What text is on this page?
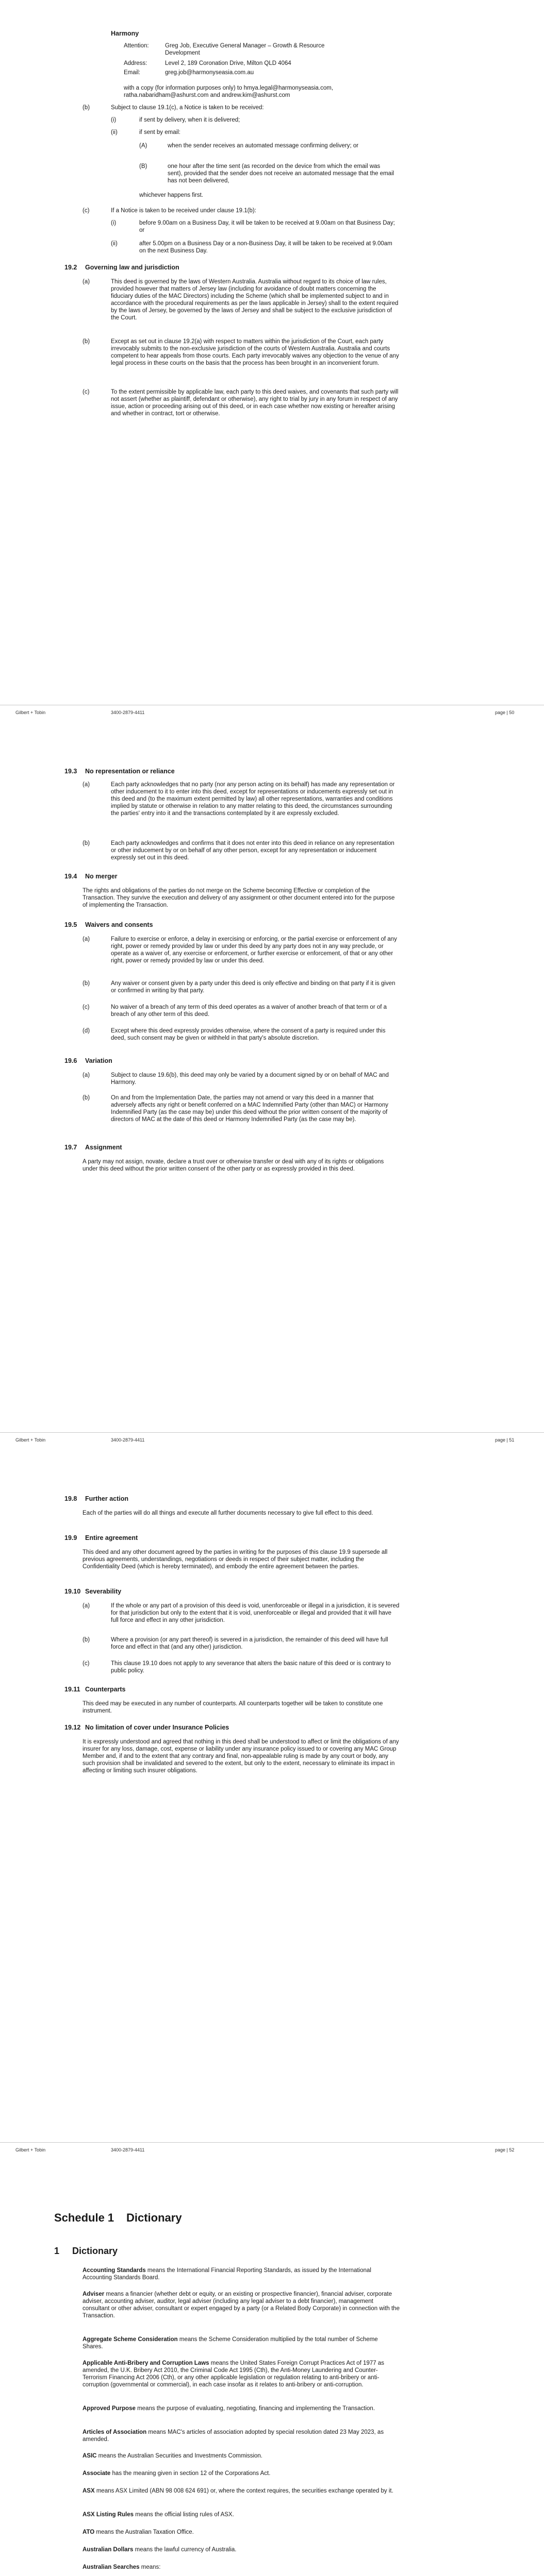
Harmony
Attention:	Greg Job, Executive General Manager – Growth & Resource Development
Address:	Level 2, 189 Coronation Drive, Milton QLD 4064
Email:	greg.job@harmonyseasia.com.au
with a copy (for information purposes only) to hmya.legal@harmonyseasia.com, ratha.nabaridham@ashurst.com and andrew.kim@ashurst.com
(b)	Subject to clause 19.1(c), a Notice is taken to be received:
(i)	if sent by delivery, when it is delivered;
(ii)	if sent by email:
(A)	when the sender receives an automated message confirming delivery; or
(B)	one hour after the time sent (as recorded on the device from which the email was sent), provided that the sender does not receive an automated message that the email has not been delivered,
whichever happens first.
(c)	If a Notice is taken to be received under clause 19.1(b):
(i)	before 9.00am on a Business Day, it will be taken to be received at 9.00am on that Business Day; or
(ii)	after 5.00pm on a Business Day or a non-Business Day, it will be taken to be received at 9.00am on the next Business Day.
19.2 Governing law and jurisdiction
(a)	This deed is governed by the laws of Western Australia. Australia without regard to its choice of law rules, provided however that matters of Jersey law (including for avoidance of doubt matters concerning the fiduciary duties of the MAC Directors) including the Scheme (which shall be implemented subject to and in accordance with the procedural requirements as per the laws applicable in Jersey) shall to the extent required by the laws of Jersey, be governed by the laws of Jersey and shall be subject to the exclusive jurisdiction of the Court.
(b)	Except as set out in clause 19.2(a) with respect to matters within the jurisdiction of the Court, each party irrevocably submits to the non-exclusive jurisdiction of the courts of Western Australia. Australia and courts competent to hear appeals from those courts. Each party irrevocably waives any objection to the venue of any legal process in these courts on the basis that the process has been brought in an inconvenient forum.
(c)	To the extent permissible by applicable law, each party to this deed waives, and covenants that such party will not assert (whether as plaintiff, defendant or otherwise), any right to trial by jury in any forum in respect of any issue, action or proceeding arising out of this deed, or in each case whether now existing or hereafter arising and whether in contract, tort or otherwise.
Gilbert + Tobin	3400-2879-4411	page | 50
19.3 No representation or reliance
(a)	Each party acknowledges that no party (nor any person acting on its behalf) has made any representation or other inducement to it to enter into this deed, except for representations or inducements expressly set out in this deed and (to the maximum extent permitted by law) all other representations, warranties and conditions implied by statute or otherwise in relation to any matter relating to this deed, the circumstances surrounding the parties' entry into it and the transactions contemplated by it are expressly excluded.
(b)	Each party acknowledges and confirms that it does not enter into this deed in reliance on any representation or other inducement by or on behalf of any other person, except for any representation or inducement expressly set out in this deed.
19.4 No merger
The rights and obligations of the parties do not merge on the Scheme becoming Effective or completion of the Transaction. They survive the execution and delivery of any assignment or other document entered into for the purpose of implementing the Transaction.
19.5 Waivers and consents
(a)	Failure to exercise or enforce, a delay in exercising or enforcing, or the partial exercise or enforcement of any right, power or remedy provided by law or under this deed by any party does not in any way preclude, or operate as a waiver of, any exercise or enforcement, or further exercise or enforcement, of that or any other right, power or remedy provided by law or under this deed.
(b)	Any waiver or consent given by a party under this deed is only effective and binding on that party if it is given or confirmed in writing by that party.
(c)	No waiver of a breach of any term of this deed operates as a waiver of another breach of that term or of a breach of any other term of this deed.
(d)	Except where this deed expressly provides otherwise, where the consent of a party is required under this deed, such consent may be given or withheld in that party's absolute discretion.
19.6 Variation
(a)	Subject to clause 19.6(b), this deed may only be varied by a document signed by or on behalf of MAC and Harmony.
(b)	On and from the Implementation Date, the parties may not amend or vary this deed in a manner that adversely affects any right or benefit conferred on a MAC Indemnified Party (other than MAC) or Harmony Indemnified Party (as the case may be) under this deed without the prior written consent of the majority of directors of MAC at the date of this deed or Harmony Indemnified Party (as the case may be).
19.7 Assignment
A party may not assign, novate, declare a trust over or otherwise transfer or deal with any of its rights or obligations under this deed without the prior written consent of the other party or as expressly provided in this deed.
Gilbert + Tobin	3400-2879-4411	page | 51
19.8 Further action
Each of the parties will do all things and execute all further documents necessary to give full effect to this deed.
19.9 Entire agreement
This deed and any other document agreed by the parties in writing for the purposes of this clause 19.9 supersede all previous agreements, understandings, negotiations or deeds in respect of their subject matter, including the Confidentiality Deed (which is hereby terminated), and embody the entire agreement between the parties.
19.10 Severability
(a)	If the whole or any part of a provision of this deed is void, unenforceable or illegal in a jurisdiction, it is severed for that jurisdiction but only to the extent that it is void, unenforceable or illegal and provided that it will have full force and effect in any other jurisdiction.
(b)	Where a provision (or any part thereof) is severed in a jurisdiction, the remainder of this deed will have full force and effect in that (and any other) jurisdiction.
(c)	This clause 19.10 does not apply to any severance that alters the basic nature of this deed or is contrary to public policy.
19.11 Counterparts
This deed may be executed in any number of counterparts. All counterparts together will be taken to constitute one instrument.
19.12 No limitation of cover under Insurance Policies
It is expressly understood and agreed that nothing in this deed shall be understood to affect or limit the obligations of any insurer for any loss, damage, cost, expense or liability under any insurance policy issued to or covering any MAC Group Member and, if and to the extent that any contrary and final, non-appealable ruling is made by any court or body, any such provision shall be invalidated and severed to the extent, but only to the extent, necessary to eliminate its impact in affecting or limiting such insurer obligations.
Gilbert + Tobin	3400-2879-4411	page | 52
Schedule 1 Dictionary
1 Dictionary
Accounting Standards means the International Financial Reporting Standards, as issued by the International Accounting Standards Board.
Adviser means a financier (whether debt or equity, or an existing or prospective financier), financial adviser, corporate adviser, accounting adviser, auditor, legal adviser (including any legal adviser to a debt financier), management consultant or other adviser, consultant or expert engaged by a party (or a Related Body Corporate) in connection with the Transaction.
Aggregate Scheme Consideration means the Scheme Consideration multiplied by the total number of Scheme Shares.
Applicable Anti-Bribery and Corruption Laws means the United States Foreign Corrupt Practices Act of 1977 as amended, the U.K. Bribery Act 2010, the Criminal Code Act 1995 (Cth), the Anti-Money Laundering and Counter-Terrorism Financing Act 2006 (Cth), or any other applicable legislation or regulation relating to anti-bribery or anti-corruption (governmental or commercial), in each case insofar as it relates to anti-bribery or anti-corruption.
Approved Purpose means the purpose of evaluating, negotiating, financing and implementing the Transaction.
Articles of Association means MAC's articles of association adopted by special resolution dated 23 May 2023, as amended.
ASIC means the Australian Securities and Investments Commission.
Associate has the meaning given in section 12 of the Corporations Act.
ASX means ASX Limited (ABN 98 008 624 691) or, where the context requires, the securities exchange operated by it.
ASX Listing Rules means the official listing rules of ASX.
ATO means the Australian Taxation Office.
Australian Dollars means the lawful currency of Australia.
Australian Searches means:
